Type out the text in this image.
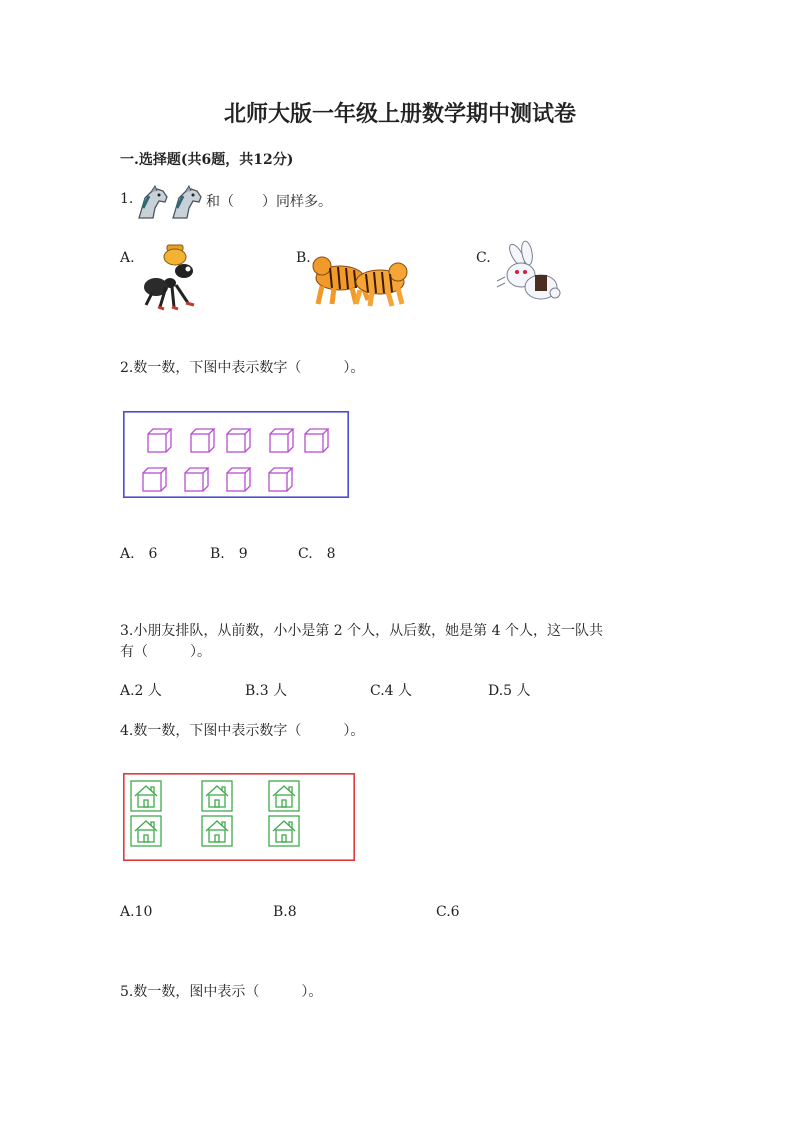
北师大版一年级上册数学期中测试卷
一.选择题(共6题，共12分)
1.	和（　　）同样多。
A.	B.	C.
2.数一数，下图中表示数字（　　　）。
A.　6	B.　9	C.　8
3.小朋友排队，从前数，小小是第 2 个人，从后数，她是第 4 个人，这一队共
有（　　　）。
A.2 人	B.3 人	C.4 人	D.5 人
4.数一数，下图中表示数字（　　　）。
A.10	B.8	C.6
5.数一数，图中表示（　　　）。
